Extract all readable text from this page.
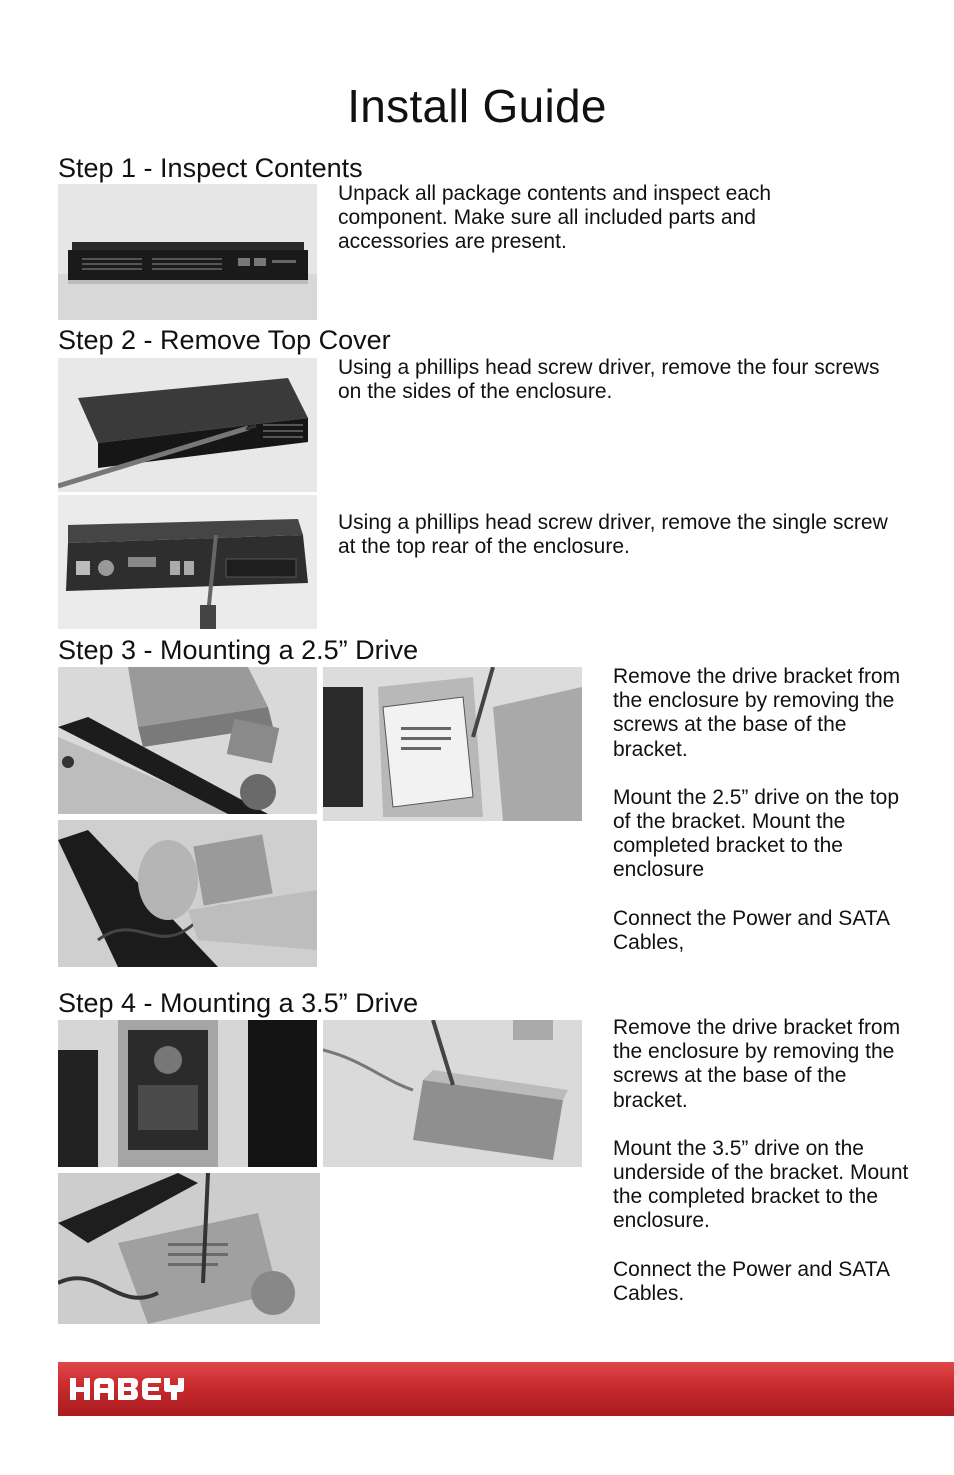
Install Guide
Step 1 - Inspect Contents

Unpack all package contents and inspect each component. Make sure all included parts and accessories are present.

Step 2 - Remove Top Cover

Using a phillips head screw driver, remove the four screws on the sides of the enclosure.

Using a phillips head screw driver, remove the single screw at the top rear of the enclosure.

Step 3 - Mounting a 2.5” Drive

Remove the drive bracket from the enclosure by removing the screws at the base of the bracket.

Mount the 2.5” drive on the top of the bracket. Mount the completed bracket to the enclosure

Connect the Power and SATA Cables,

Step 4 - Mounting a 3.5” Drive

Remove the drive bracket from the enclosure by removing the screws at the base of the bracket.

Mount the 3.5” drive on the underside of the bracket. Mount the completed bracket to the enclosure.

Connect the Power and SATA Cables.
